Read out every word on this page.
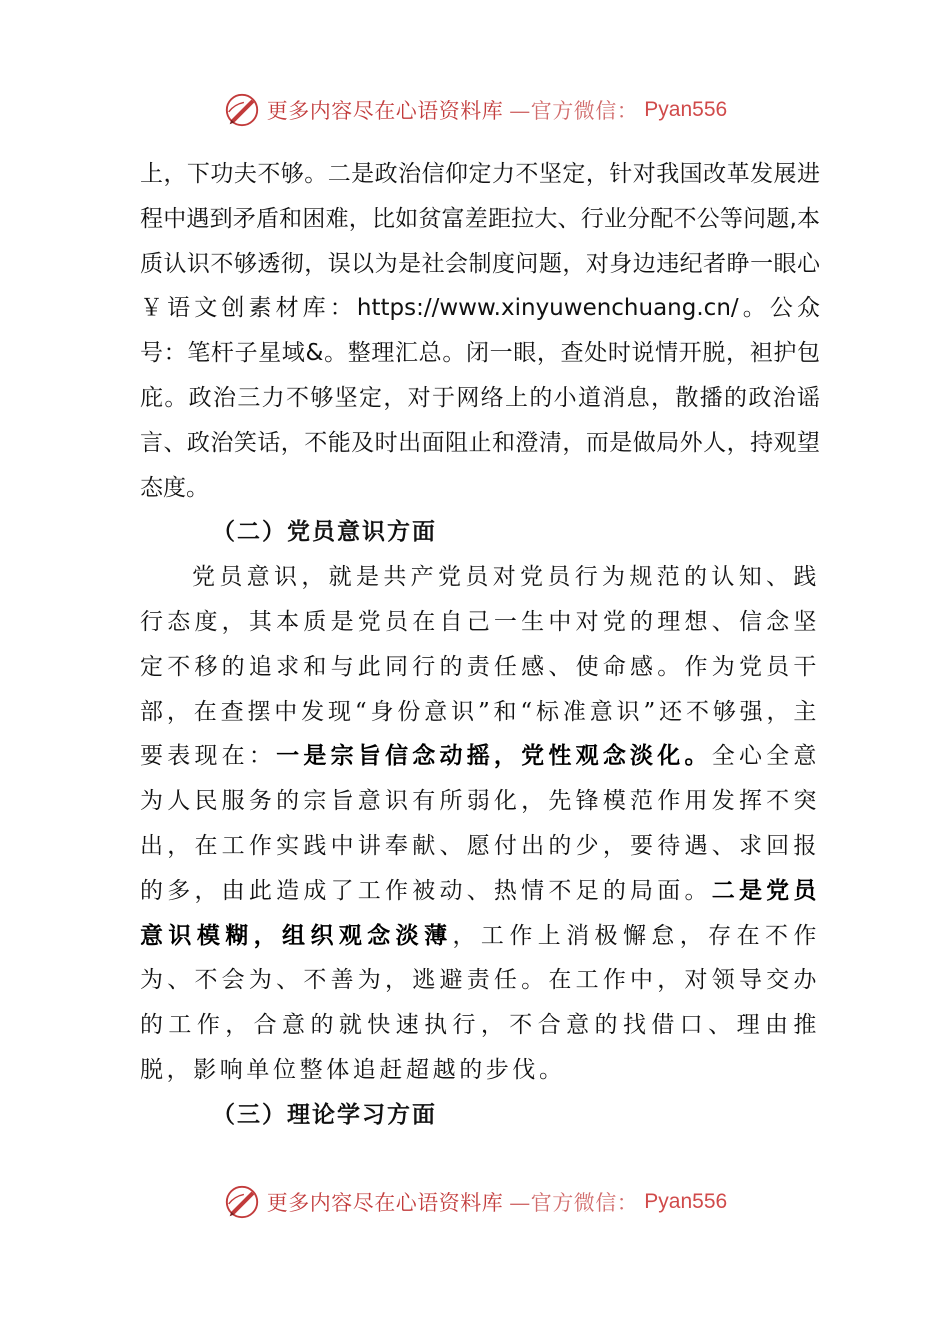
更多内容尽在心语资料库 —官方微信： Pyan556

上，下功夫不够。二是政治信仰定力不坚定，针对我国改革发展进程中遇到矛盾和困难，比如贫富差距拉大、行业分配不公等问题,本质认识不够透彻，误以为是社会制度问题，对身边违纪者睁一眼心￥语文创素材库：https://www.xinyuwenchuang.cn/。公众号：笔杆子星域&。整理汇总。闭一眼，查处时说情开脱，袒护包庇。政治三力不够坚定，对于网络上的小道消息，散播的政治谣言、政治笑话，不能及时出面阻止和澄清，而是做局外人，持观望态度。

（二）党员意识方面

党员意识，就是共产党员对党员行为规范的认知、践行态度，其本质是党员在自己一生中对党的理想、信念坚定不移的追求和与此同行的责任感、使命感。作为党员干部，在查摆中发现“身份意识”和“标准意识”还不够强，主要表现在：一是宗旨信念动摇，党性观念淡化。全心全意为人民服务的宗旨意识有所弱化，先锋模范作用发挥不突出，在工作实践中讲奉献、愿付出的少，要待遇、求回报的多，由此造成了工作被动、热情不足的局面。二是党员意识模糊，组织观念淡薄，工作上消极懈怠，存在不作为、不会为、不善为，逃避责任。在工作中，对领导交办的工作，合意的就快速执行，不合意的找借口、理由推脱，影响单位整体追赶超越的步伐。

（三）理论学习方面

更多内容尽在心语资料库 —官方微信： Pyan556
